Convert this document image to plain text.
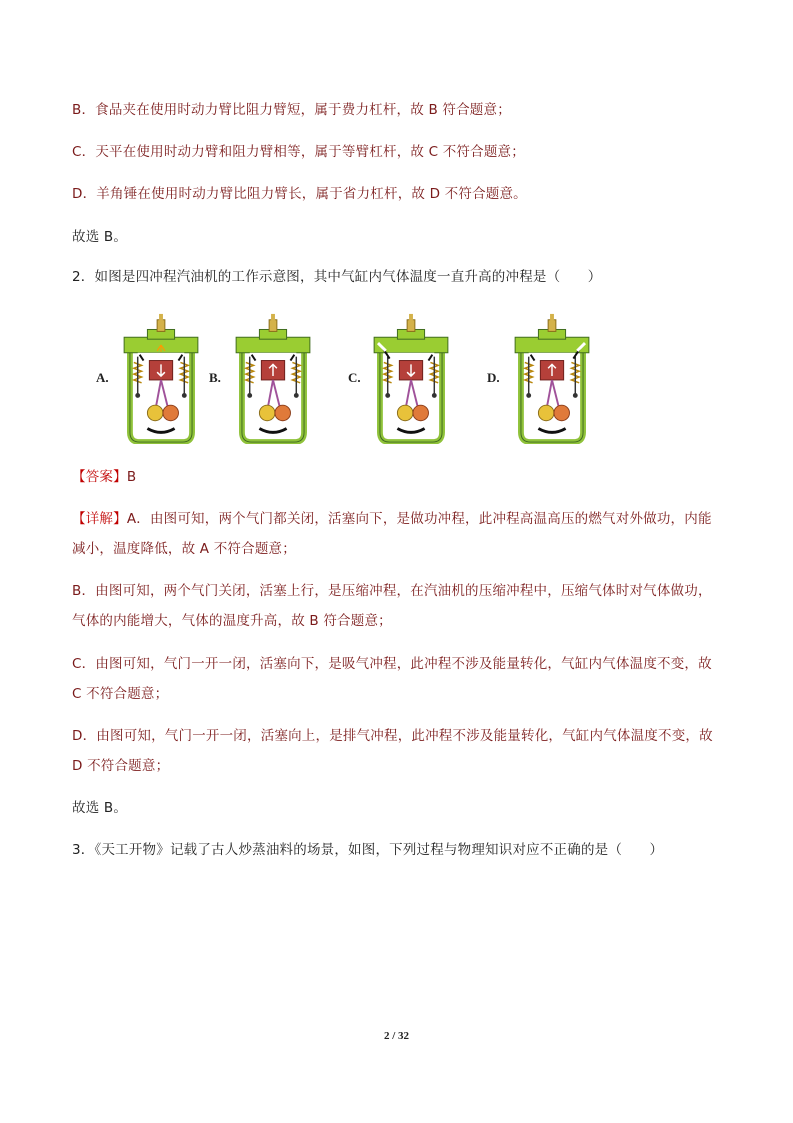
B．食品夹在使用时动力臂比阻力臂短，属于费力杠杆，故 B 符合题意；
C．天平在使用时动力臂和阻力臂相等，属于等臂杠杆，故 C 不符合题意；
D．羊角锤在使用时动力臂比阻力臂长，属于省力杠杆，故 D 不符合题意。
故选 B。
2．如图是四冲程汽油机的工作示意图，其中气缸内气体温度一直升高的冲程是（　　）
A.	B.	C.	D.
【答案】B
【详解】A．由图可知，两个气门都关闭，活塞向下，是做功冲程，此冲程高温高压的燃气对外做功，内能
减小，温度降低，故 A 不符合题意；
B．由图可知，两个气门关闭，活塞上行，是压缩冲程，在汽油机的压缩冲程中，压缩气体时对气体做功，
气体的内能增大，气体的温度升高，故 B 符合题意；
C．由图可知，气门一开一闭，活塞向下，是吸气冲程，此冲程不涉及能量转化，气缸内气体温度不变，故
C 不符合题意；
D．由图可知，气门一开一闭，活塞向上，是排气冲程，此冲程不涉及能量转化，气缸内气体温度不变，故
D 不符合题意；
故选 B。
3．《天工开物》记载了古人炒蒸油料的场景，如图，下列过程与物理知识对应不正确的是（　　）
2 / 32
